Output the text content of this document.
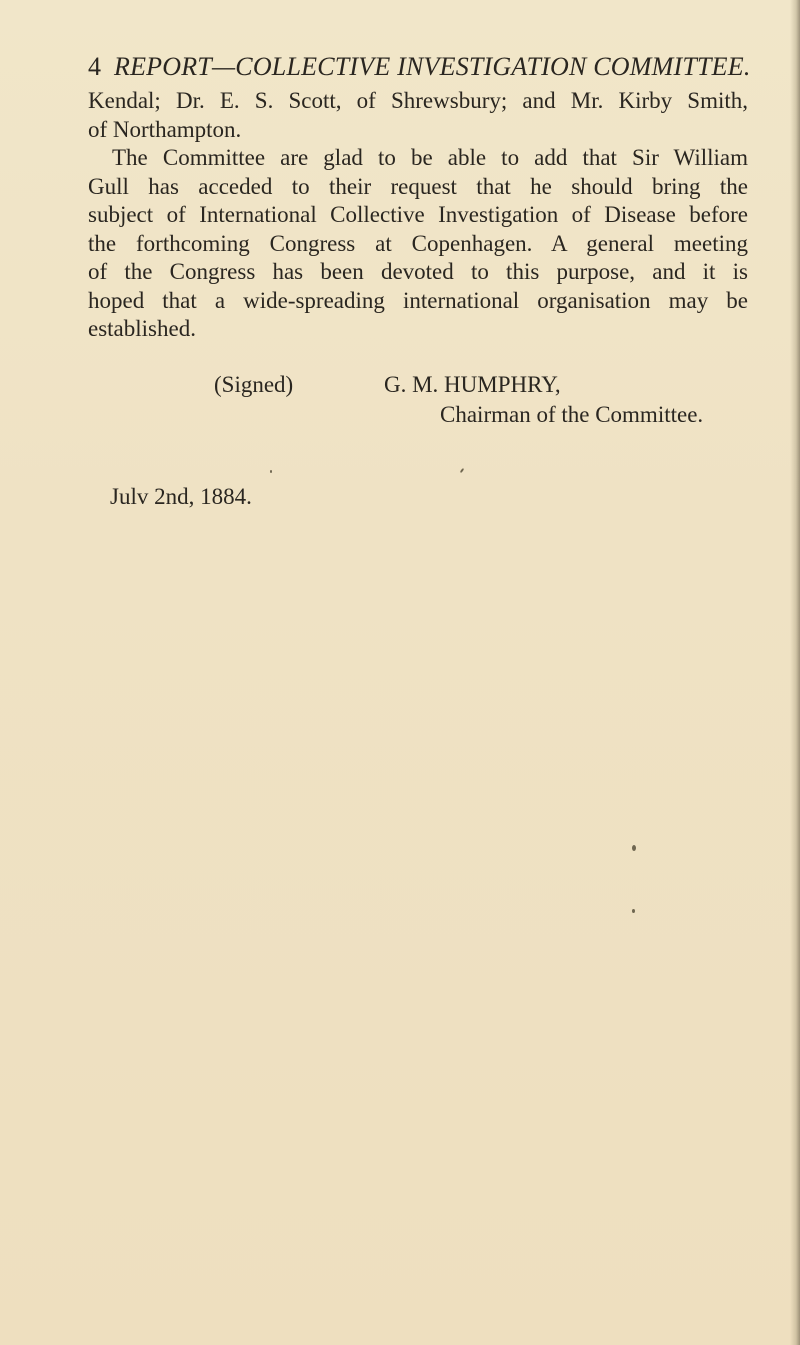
4 REPORT—COLLECTIVE INVESTIGATION COMMITTEE.
Kendal; Dr. E. S. Scott, of Shrewsbury; and Mr. Kirby Smith,
of Northampton.
The Committee are glad to be able to add that Sir William
Gull has acceded to their request that he should bring the
subject of International Collective Investigation of Disease before
the forthcoming Congress at Copenhagen. A general meeting
of the Congress has been devoted to this purpose, and it is
hoped that a wide-spreading international organisation may be
established.
(Signed)	G. M. HUMPHRY,
Chairman of the Committee.
Julv 2nd, 1884.
